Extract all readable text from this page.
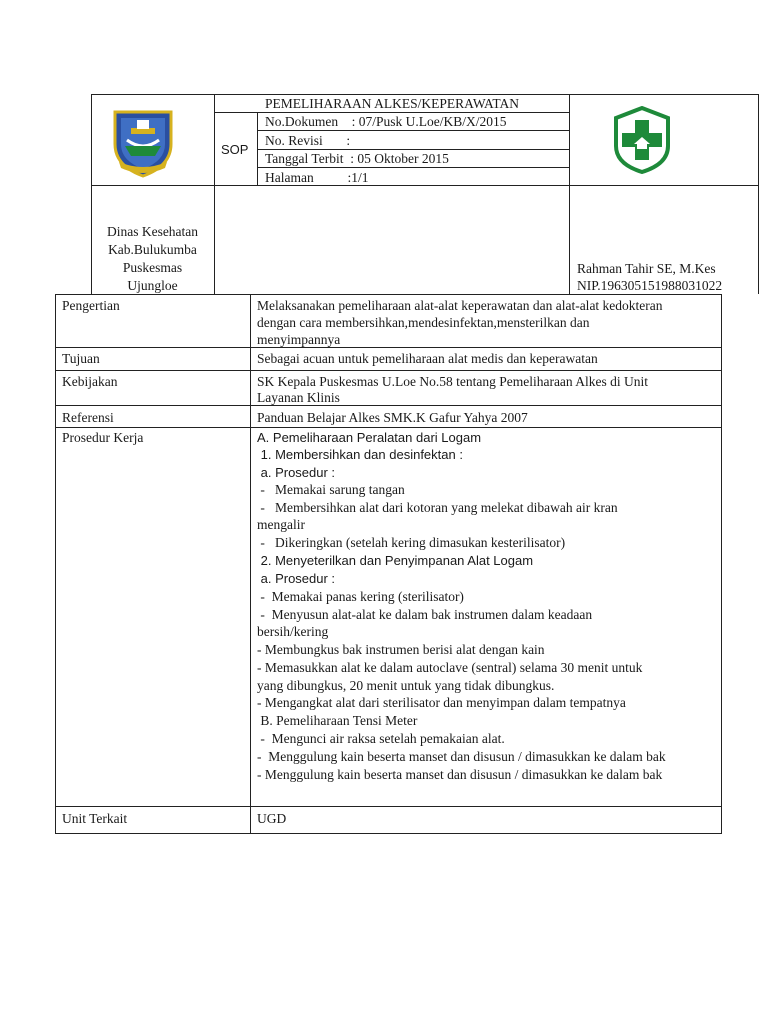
PEMELIHARAAN ALKES/KEPERAWATAN
SOP
No.Dokumen    : 07/Pusk U.Loe/KB/X/2015
No. Revisi       :
Tanggal Terbit  : 05 Oktober 2015
Halaman          :1/1
Dinas Kesehatan
Kab.Bulukumba
Puskesmas
Ujungloe
Rahman Tahir SE, M.Kes
NIP.196305151988031022
Pengertian	Melaksanakan pemeliharaan alat-alat keperawatan dan alat-alat kedokteran
dengan cara membersihkan,mendesinfektan,mensterilkan dan
menyimpannya
Tujuan	Sebagai acuan untuk pemeliharaan alat medis dan keperawatan
Kebijakan	SK Kepala Puskesmas U.Loe No.58 tentang Pemeliharaan Alkes di Unit
Layanan Klinis
Referensi	Panduan Belajar Alkes SMK.K Gafur Yahya 2007
Prosedur Kerja	A. Pemeliharaan Peralatan dari Logam
1. Membersihkan dan desinfektan :
a. Prosedur :
-   Memakai sarung tangan
-   Membersihkan alat dari kotoran yang melekat dibawah air kran
mengalir
-   Dikeringkan (setelah kering dimasukan kesterilisator)
2. Menyeterilkan dan Penyimpanan Alat Logam
a. Prosedur :
-  Memakai panas kering (sterilisator)
-  Menyusun alat-alat ke dalam bak instrumen dalam keadaan
bersih/kering
- Membungkus bak instrumen berisi alat dengan kain
- Memasukkan alat ke dalam autoclave (sentral) selama 30 menit untuk
yang dibungkus, 20 menit untuk yang tidak dibungkus.
- Mengangkat alat dari sterilisator dan menyimpan dalam tempatnya
B. Pemeliharaan Tensi Meter
-  Mengunci air raksa setelah pemakaian alat.
-  Menggulung kain beserta manset dan disusun / dimasukkan ke dalam bak
- Menggulung kain beserta manset dan disusun / dimasukkan ke dalam bak
Unit Terkait	UGD
